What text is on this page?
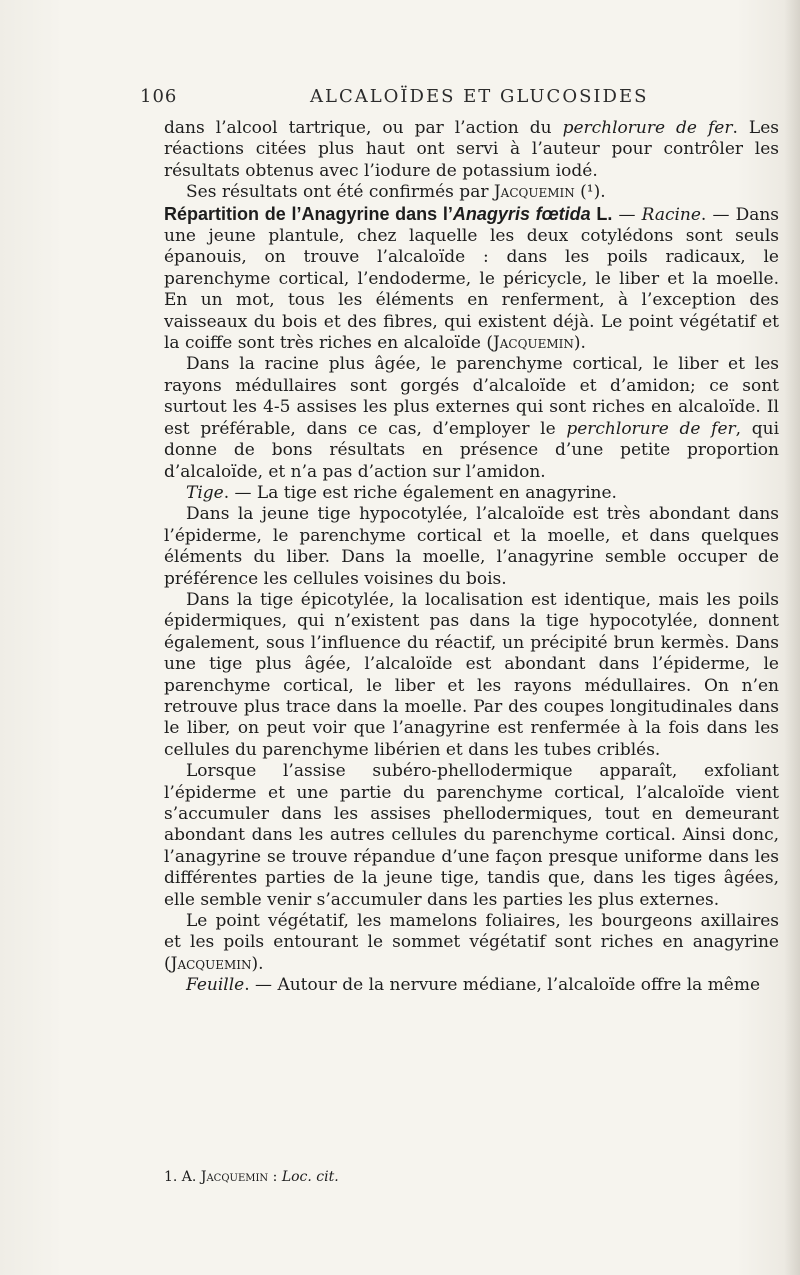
106	ALCALOÏDES ET GLUCOSIDES

dans l’alcool tartrique, ou par l’action du perchlorure de fer. Les réactions citées plus haut ont servi à l’auteur pour contrôler les résultats obtenus avec l’iodure de potassium iodé.

Ses résultats ont été confirmés par Jacquemin (¹).

Répartition de l’Anagyrine dans l’Anagyris fœtida L. — Racine. — Dans une jeune plantule, chez laquelle les deux cotylédons sont seuls épanouis, on trouve l’alcaloïde : dans les poils radicaux, le parenchyme cortical, l’endoderme, le péricycle, le liber et la moelle. En un mot, tous les éléments en renferment, à l’exception des vaisseaux du bois et des fibres, qui existent déjà. Le point végétatif et la coiffe sont très riches en alcaloïde (Jacquemin).

Dans la racine plus âgée, le parenchyme cortical, le liber et les rayons médullaires sont gorgés d’alcaloïde et d’amidon; ce sont surtout les 4-5 assises les plus externes qui sont riches en alcaloïde. Il est préférable, dans ce cas, d’employer le perchlorure de fer, qui donne de bons résultats en présence d’une petite proportion d’alcaloïde, et n’a pas d’action sur l’amidon.

Tige. — La tige est riche également en anagyrine.

Dans la jeune tige hypocotylée, l’alcaloïde est très abondant dans l’épiderme, le parenchyme cortical et la moelle, et dans quelques éléments du liber. Dans la moelle, l’anagyrine semble occuper de préférence les cellules voisines du bois.

Dans la tige épicotylée, la localisation est identique, mais les poils épidermiques, qui n’existent pas dans la tige hypocotylée, donnent également, sous l’influence du réactif, un précipité brun kermès. Dans une tige plus âgée, l’alcaloïde est abondant dans l’épiderme, le parenchyme cortical, le liber et les rayons médullaires. On n’en retrouve plus trace dans la moelle. Par des coupes longitudinales dans le liber, on peut voir que l’anagyrine est renfermée à la fois dans les cellules du parenchyme libérien et dans les tubes criblés.

Lorsque l’assise subéro-phellodermique apparaît, exfoliant l’épiderme et une partie du parenchyme cortical, l’alcaloïde vient s’accumuler dans les assises phellodermiques, tout en demeurant abondant dans les autres cellules du parenchyme cortical. Ainsi donc, l’anagyrine se trouve répandue d’une façon presque uniforme dans les différentes parties de la jeune tige, tandis que, dans les tiges âgées, elle semble venir s’accumuler dans les parties les plus externes.

Le point végétatif, les mamelons foliaires, les bourgeons axillaires et les poils entourant le sommet végétatif sont riches en anagyrine (Jacquemin).

Feuille. — Autour de la nervure médiane, l’alcaloïde offre la même

1. A. Jacquemin : Loc. cit.
